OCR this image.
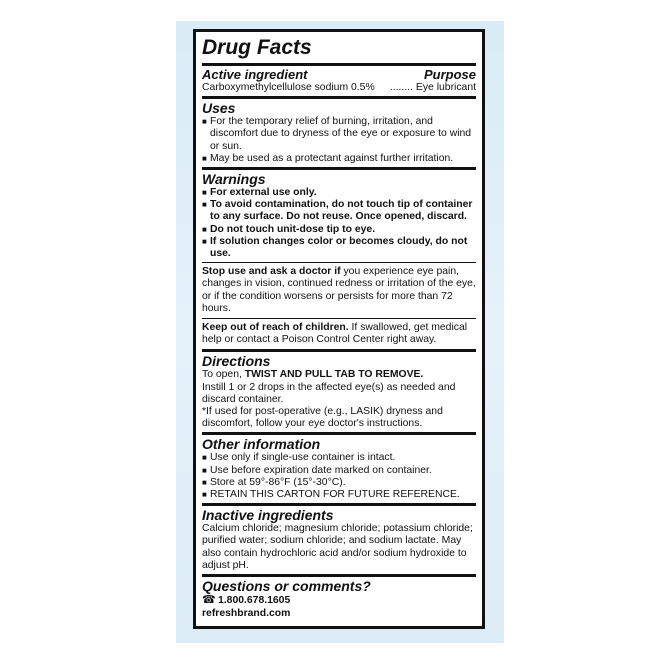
Drug Facts
Active ingredient	Purpose
Carboxymethylcellulose sodium 0.5%	........ Eye lubricant
Uses
■ For the temporary relief of burning, irritation, and discomfort due to dryness of the eye or exposure to wind or sun.
■ May be used as a protectant against further irritation.
Warnings
■ For external use only.
■ To avoid contamination, do not touch tip of container to any surface. Do not reuse. Once opened, discard.
■ Do not touch unit-dose tip to eye.
■ If solution changes color or becomes cloudy, do not use.
Stop use and ask a doctor if you experience eye pain, changes in vision, continued redness or irritation of the eye, or if the condition worsens or persists for more than 72 hours.
Keep out of reach of children. If swallowed, get medical help or contact a Poison Control Center right away.
Directions
To open, TWIST AND PULL TAB TO REMOVE.
Instill 1 or 2 drops in the affected eye(s) as needed and discard container.
*If used for post-operative (e.g., LASIK) dryness and discomfort, follow your eye doctor's instructions.
Other information
■ Use only if single-use container is intact.
■ Use before expiration date marked on container.
■ Store at 59°-86°F (15°-30°C).
■ RETAIN THIS CARTON FOR FUTURE REFERENCE.
Inactive ingredients
Calcium chloride; magnesium chloride; potassium chloride; purified water; sodium chloride; and sodium lactate. May also contain hydrochloric acid and/or sodium hydroxide to adjust pH.
Questions or comments?
☎ 1.800.678.1605
refreshbrand.com
